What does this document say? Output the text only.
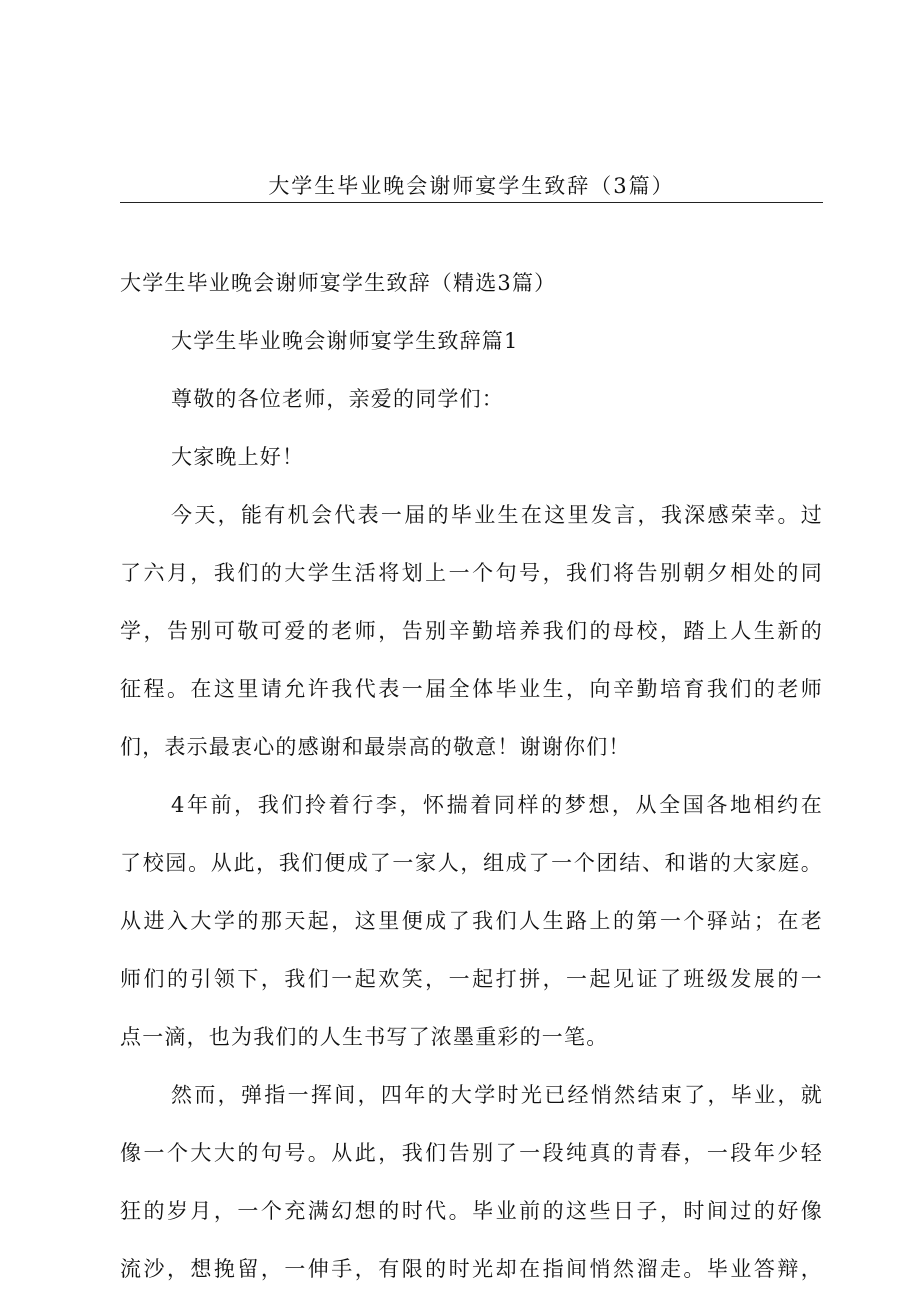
大学生毕业晚会谢师宴学生致辞（3篇）

大学生毕业晚会谢师宴学生致辞（精选3篇）

大学生毕业晚会谢师宴学生致辞篇1

尊敬的各位老师，亲爱的同学们：

大家晚上好！

今天，能有机会代表一届的毕业生在这里发言，我深感荣幸。过

了六月，我们的大学生活将划上一个句号，我们将告别朝夕相处的同

学，告别可敬可爱的老师，告别辛勤培养我们的母校，踏上人生新的

征程。在这里请允许我代表一届全体毕业生，向辛勤培育我们的老师

们，表示最衷心的感谢和最崇高的敬意！谢谢你们！

4年前，我们拎着行李，怀揣着同样的梦想，从全国各地相约在

了校园。从此，我们便成了一家人，组成了一个团结、和谐的大家庭。

从进入大学的那天起，这里便成了我们人生路上的第一个驿站；在老

师们的引领下，我们一起欢笑，一起打拼，一起见证了班级发展的一

点一滴，也为我们的人生书写了浓墨重彩的一笔。

然而，弹指一挥间，四年的大学时光已经悄然结束了，毕业，就

像一个大大的句号。从此，我们告别了一段纯真的青春，一段年少轻

狂的岁月，一个充满幻想的时代。毕业前的这些日子，时间过的好像

流沙，想挽留，一伸手，有限的时光却在指间悄然溜走。毕业答辩，
